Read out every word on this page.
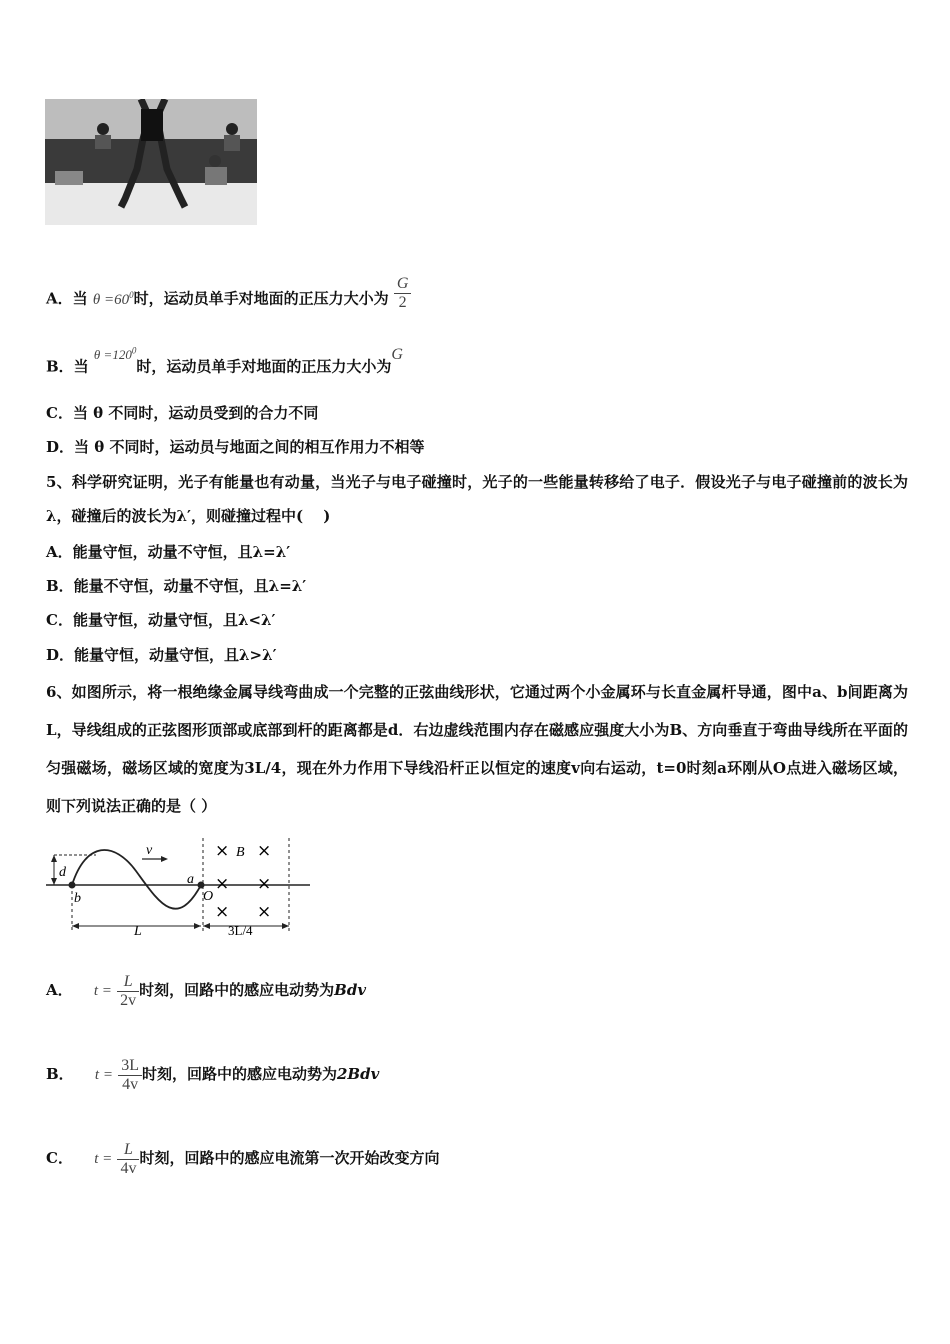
A．当 $\theta =60^0$时，运动员单手对地面的正压力大小为 $\frac{G}{2}$
B．当 $\theta =120^0$时，运动员单手对地面的正压力大小为G
C．当 θ 不同时，运动员受到的合力不同
D．当 θ 不同时，运动员与地面之间的相互作用力不相等
5、科学研究证明，光子有能量也有动量，当光子与电子碰撞时，光子的一些能量转移给了电子．假设光子与电子碰撞前的波长为λ，碰撞后的波长为λ′，则碰撞过程中(　 )
A．能量守恒，动量不守恒，且λ=λ′
B．能量不守恒，动量不守恒，且λ=λ′
C．能量守恒，动量守恒，且λ<λ′
D．能量守恒，动量守恒，且λ>λ′
6、如图所示，将一根绝缘金属导线弯曲成一个完整的正弦曲线形状，它通过两个小金属环与长直金属杆导通，图中a、b间距离为L，导线组成的正弦图形顶部或底部到杆的距离都是d．右边虚线范围内存在磁感应强度大小为B、方向垂直于弯曲导线所在平面的匀强磁场，磁场区域的宽度为3L/4，现在外力作用下导线沿杆正以恒定的速度v向右运动，t=0时刻a环刚从O点进入磁场区域，则下列说法正确的是（ ）
d
b
v
a
O
B
L	3L/4
× ×
× ×
× ×
A． $t = \frac{L}{2v}$ 时刻，回路中的感应电动势为Bdv
B． $t = \frac{3L}{4v}$ 时刻，回路中的感应电动势为2Bdv
C． $t = \frac{L}{4v}$ 时刻，回路中的感应电流第一次开始改变方向
